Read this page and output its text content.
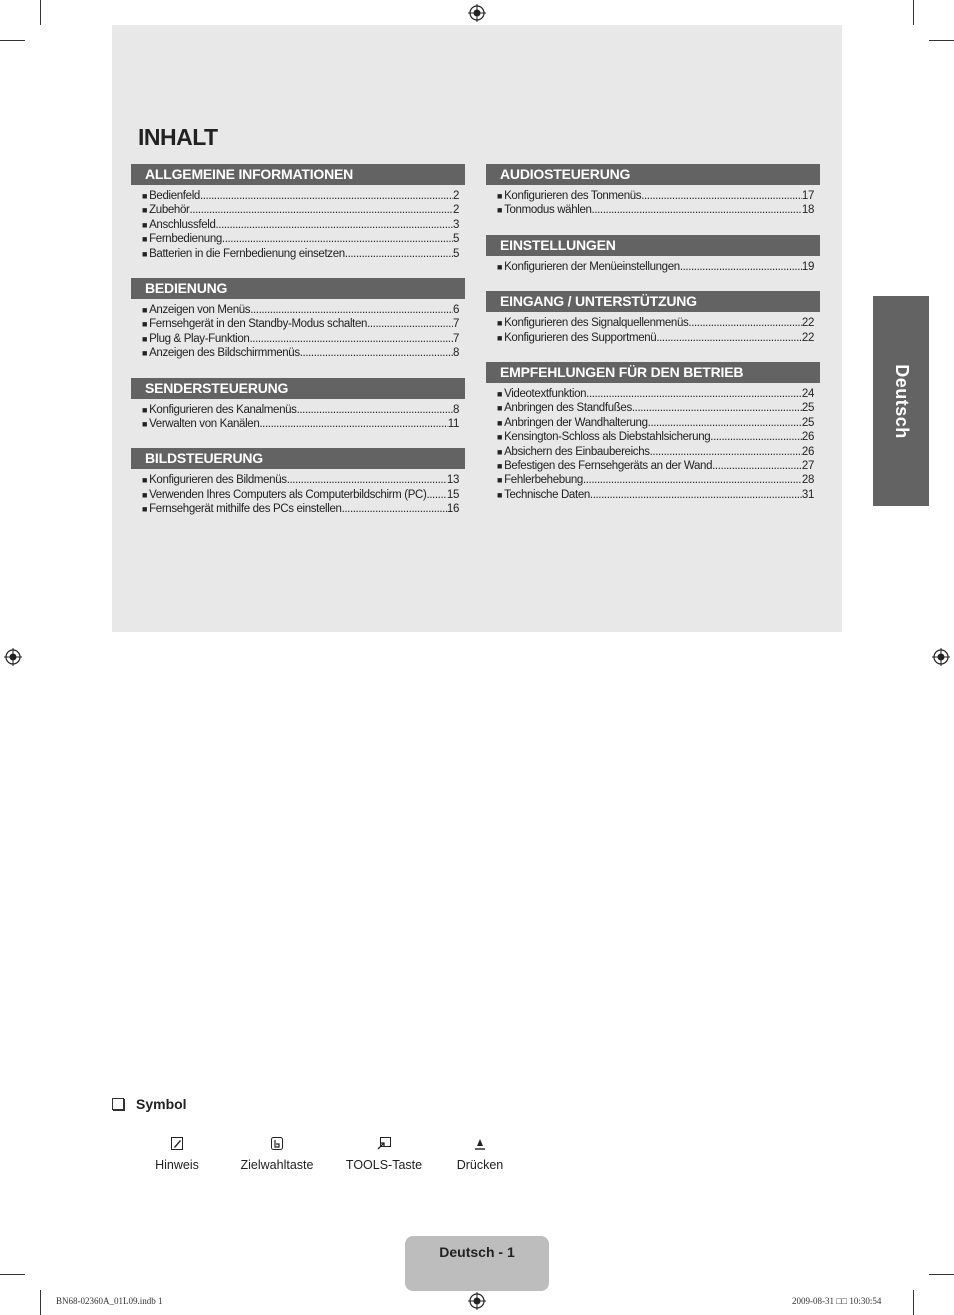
INHALT
ALLGEMEINE INFORMATIONEN
■ Bedienfeld .....	2
■ Zubehör .....	2
■ Anschlussfeld .....	3
■ Fernbedienung .....	5
■ Batterien in die Fernbedienung einsetzen .....	5
BEDIENUNG
■ Anzeigen von Menüs .....	6
■ Fernsehgerät in den Standby-Modus schalten .....	7
■ Plug & Play-Funktion .....	7
■ Anzeigen des Bildschirmmenüs .....	8
SENDERSTEUERUNG
■ Konfigurieren des Kanalmenüs .....	8
■ Verwalten von Kanälen .....	11
BILDSTEUERUNG
■ Konfigurieren des Bildmenüs .....	13
■ Verwenden Ihres Computers als Computerbildschirm (PC) ..... 15
■ Fernsehgerät mithilfe des PCs einstellen .....	16
AUDIOSTEUERUNG
■ Konfigurieren des Tonmenüs .....	17
■ Tonmodus wählen .....	18
EINSTELLUNGEN
■ Konfigurieren der Menüeinstellungen .....	19
EINGANG / UNTERSTÜTZUNG
■ Konfigurieren des Signalquellenmenüs .....	22
■ Konfigurieren des Supportmenü .....	22
EMPFEHLUNGEN FÜR DEN BETRIEB
■ Videotextfunktion .....	24
■ Anbringen des Standfußes .....	25
■ Anbringen der Wandhalterung .....	25
■ Kensington-Schloss als Diebstahlsicherung .....	26
■ Absichern des Einbaubereichs .....	26
■ Befestigen des Fernsehgeräts an der Wand .....	27
■ Fehlerbehebung .....	28
■ Technische Daten .....	31
Deutsch
Symbol
Hinweis	Zielwahltaste	TOOLS-Taste	Drücken
Deutsch - 1
BN68-02360A_01L09.indb 1	2009-08-31 □□ 10:30:54
